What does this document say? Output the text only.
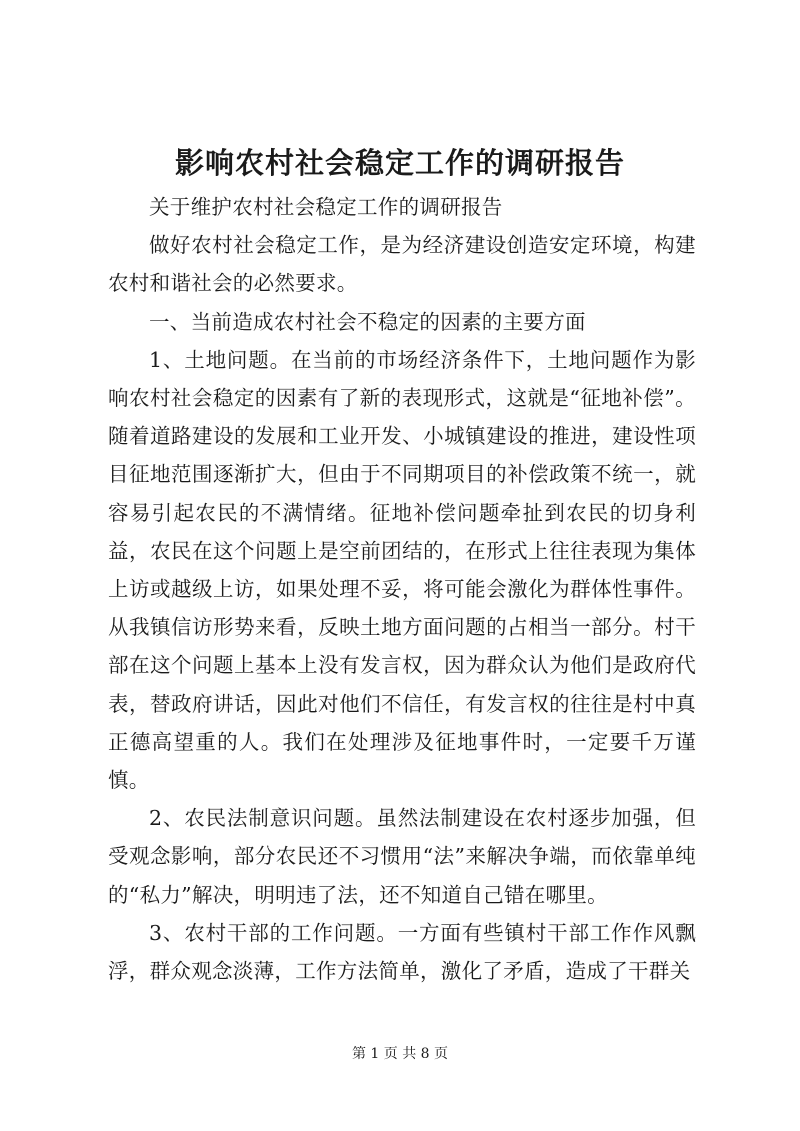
影响农村社会稳定工作的调研报告

关于维护农村社会稳定工作的调研报告

做好农村社会稳定工作，是为经济建设创造安定环境，构建农村和谐社会的必然要求。

一、当前造成农村社会不稳定的因素的主要方面

1、土地问题。在当前的市场经济条件下，土地问题作为影响农村社会稳定的因素有了新的表现形式，这就是“征地补偿”。随着道路建设的发展和工业开发、小城镇建设的推进，建设性项目征地范围逐渐扩大，但由于不同期项目的补偿政策不统一，就容易引起农民的不满情绪。征地补偿问题牵扯到农民的切身利益，农民在这个问题上是空前团结的，在形式上往往表现为集体上访或越级上访，如果处理不妥，将可能会激化为群体性事件。从我镇信访形势来看，反映土地方面问题的占相当一部分。村干部在这个问题上基本上没有发言权，因为群众认为他们是政府代表，替政府讲话，因此对他们不信任，有发言权的往往是村中真正德高望重的人。我们在处理涉及征地事件时，一定要千万谨慎。

2、农民法制意识问题。虽然法制建设在农村逐步加强，但受观念影响，部分农民还不习惯用“法”来解决争端，而依靠单纯的“私力”解决，明明违了法，还不知道自己错在哪里。

3、农村干部的工作问题。一方面有些镇村干部工作作风飘浮，群众观念淡薄，工作方法简单，激化了矛盾，造成了干群关

第 1 页 共 8 页
